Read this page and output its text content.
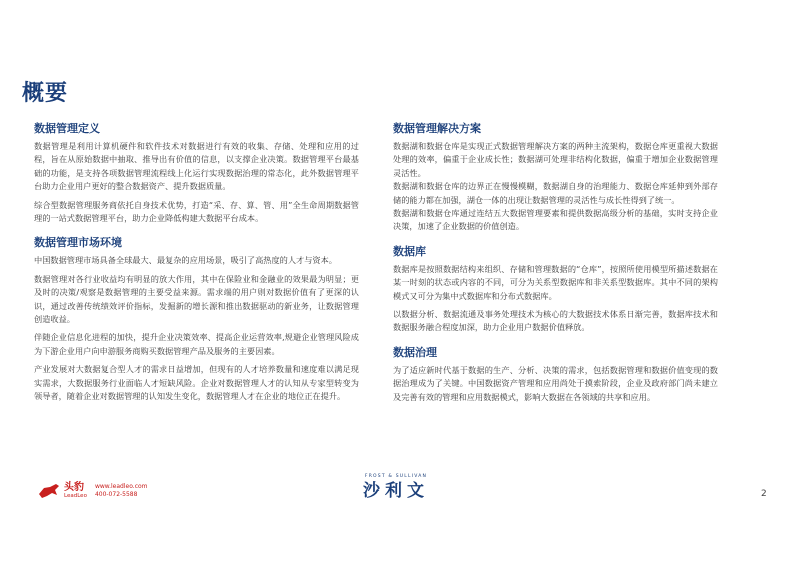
概要
数据管理定义

数据管理是利用计算机硬件和软件技术对数据进行有效的收集、存储、处理和应用的过程，旨在从原始数据中抽取、推导出有价值的信息，以支撑企业决策。数据管理平台最基础的功能，是支持各项数据管理流程线上化运行实现数据治理的常态化，此外数据管理平台助力企业用户更好的整合数据资产、提升数据质量。

综合型数据管理服务商依托自身技术优势，打造“采、存、算、管、用”全生命周期数据管理的一站式数据管理平台，助力企业降低构建大数据平台成本。

数据管理市场环境

中国数据管理市场具备全球最大、最复杂的应用场景，吸引了高热度的人才与资本。

数据管理对各行业收益均有明显的放大作用，其中在保险业和金融业的效果最为明显；更及时的决策/观察是数据管理的主要受益来源。需求端的用户则对数据价值有了更深的认识，通过改善传统绩效评价指标，发掘新的增长源和推出数据驱动的新业务，让数据管理创造收益。

伴随企业信息化进程的加快，提升企业决策效率、提高企业运营效率,规避企业管理风险成为下游企业用户向申游服务商购买数据管理产品及服务的主要因素。

产业发展对大数据复合型人才的需求日益增加，但现有的人才培养数量和速度难以满足现实需求，大数据服务行业面临人才短缺风险。企业对数据管理人才的认知从专家型转变为领导者，随着企业对数据管理的认知发生变化，数据管理人才在企业的地位正在提升。

数据管理解决方案

数据湖和数据仓库是实现正式数据管理解决方案的两种主流架构，数据仓库更重视大数据处理的效率，偏重于企业成长性；数据湖可处理非结构化数据，偏重于增加企业数据管理灵活性。

数据湖和数据仓库的边界正在慢慢模糊，数据湖自身的治理能力、数据仓库延伸到外部存储的能力都在加强，湖仓一体的出现让数据管理的灵活性与成长性得到了统一。

数据湖和数据仓库通过连结五大数据管理要素和提供数据高级分析的基础，实时支持企业决策，加速了企业数据的价值创造。

数据库

数据库是按照数据结构来组织、存储和管理数据的“仓库”，按照所使用模型所描述数据在某一时刻的状态或内容的不同，可分为关系型数据库和非关系型数据库。其中不同的架构模式又可分为集中式数据库和分布式数据库。

以数据分析、数据流通及事务处理技术为核心的大数据技术体系日渐完善，数据库技术和数据服务融合程度加深，助力企业用户数据价值释放。

数据治理

为了适应新时代基于数据的生产、分析、决策的需求，包括数据管理和数据价值变现的数据治理成为了关键。中国数据资产管理和应用尚处于摸索阶段，企业及政府部门尚未建立及完善有效的管理和应用数据模式，影响大数据在各领域的共享和应用。

头豹
LeadLeo
www.leadleo.com
400-072-5588
FROST & SULLIVAN
沙利文	2
